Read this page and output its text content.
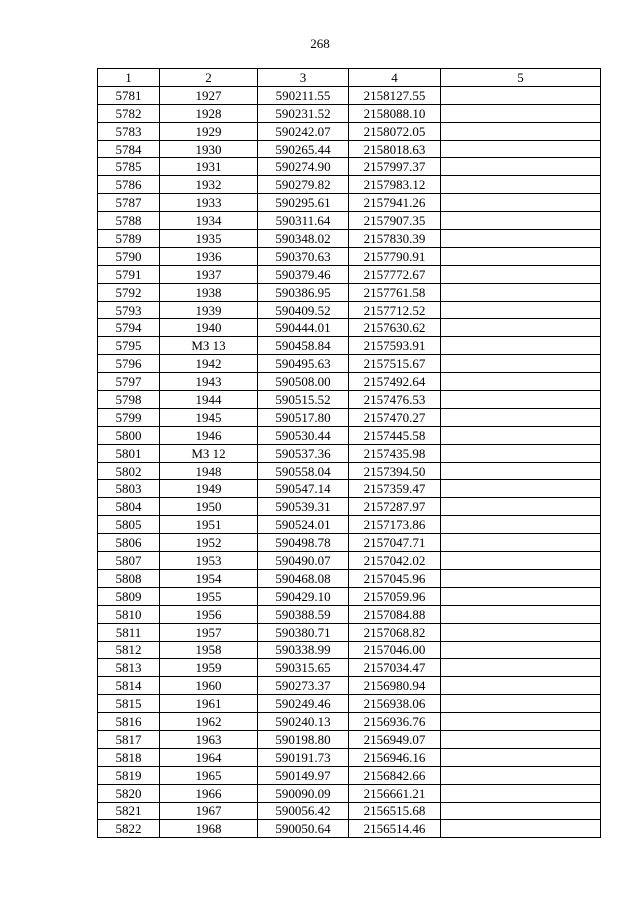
268
1	2	3	4	5
5781	1927	590211.55	2158127.55	
5782	1928	590231.52	2158088.10	
5783	1929	590242.07	2158072.05	
5784	1930	590265.44	2158018.63	
5785	1931	590274.90	2157997.37	
5786	1932	590279.82	2157983.12	
5787	1933	590295.61	2157941.26	
5788	1934	590311.64	2157907.35	
5789	1935	590348.02	2157830.39	
5790	1936	590370.63	2157790.91	
5791	1937	590379.46	2157772.67	
5792	1938	590386.95	2157761.58	
5793	1939	590409.52	2157712.52	
5794	1940	590444.01	2157630.62	
5795	МЗ 13	590458.84	2157593.91	
5796	1942	590495.63	2157515.67	
5797	1943	590508.00	2157492.64	
5798	1944	590515.52	2157476.53	
5799	1945	590517.80	2157470.27	
5800	1946	590530.44	2157445.58	
5801	МЗ 12	590537.36	2157435.98	
5802	1948	590558.04	2157394.50	
5803	1949	590547.14	2157359.47	
5804	1950	590539.31	2157287.97	
5805	1951	590524.01	2157173.86	
5806	1952	590498.78	2157047.71	
5807	1953	590490.07	2157042.02	
5808	1954	590468.08	2157045.96	
5809	1955	590429.10	2157059.96	
5810	1956	590388.59	2157084.88	
5811	1957	590380.71	2157068.82	
5812	1958	590338.99	2157046.00	
5813	1959	590315.65	2157034.47	
5814	1960	590273.37	2156980.94	
5815	1961	590249.46	2156938.06	
5816	1962	590240.13	2156936.76	
5817	1963	590198.80	2156949.07	
5818	1964	590191.73	2156946.16	
5819	1965	590149.97	2156842.66	
5820	1966	590090.09	2156661.21	
5821	1967	590056.42	2156515.68	
5822	1968	590050.64	2156514.46	
